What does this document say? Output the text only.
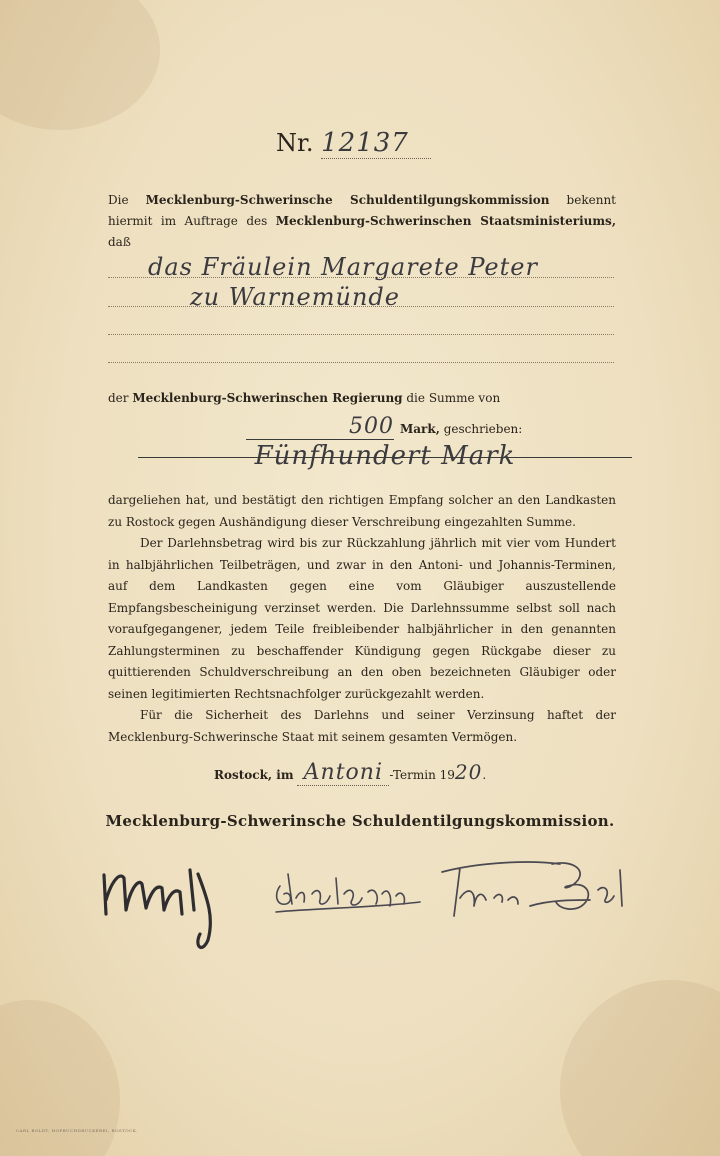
Nr. 12137
Die Mecklenburg-Schwerinsche Schuldentilgungskommission bekennt hiermit im Auftrage des Mecklenburg-Schwerinschen Staatsministeriums, daß
das Fräulein Margarete Peter
zu Warnemünde
der Mecklenburg-Schwerinschen Regierung die Summe von
500 Mark, geschrieben:
Fünfhundert Mark

dargeliehen hat, und bestätigt den richtigen Empfang solcher an den Landkasten zu Rostock gegen Aushändigung dieser Verschreibung eingezahlten Summe.

Der Darlehnsbetrag wird bis zur Rückzahlung jährlich mit vier vom Hundert in halbjährlichen Teilbeträgen, und zwar in den Antoni- und Johannis-Terminen, auf dem Landkasten gegen eine vom Gläubiger auszustellende Empfangsbescheinigung verzinset werden. Die Darlehnssumme selbst soll nach voraufgegangener, jedem Teile freibleibender halbjährlicher in den genannten Zahlungsterminen zu beschaffender Kündigung gegen Rückgabe dieser zu quittierenden Schuldverschreibung an den oben bezeichneten Gläubiger oder seinen legitimierten Rechtsnachfolger zurückgezahlt werden.

Für die Sicherheit des Darlehns und seiner Verzinsung haftet der Mecklenburg-Schwerinsche Staat mit seinem gesamten Vermögen.

Rostock, im Antoni -Termin 1920.
Mecklenburg-Schwerinsche Schuldentilgungskommission.
CARL BOLDT, HOFBUCHDRUCKEREI, ROSTOCK.
